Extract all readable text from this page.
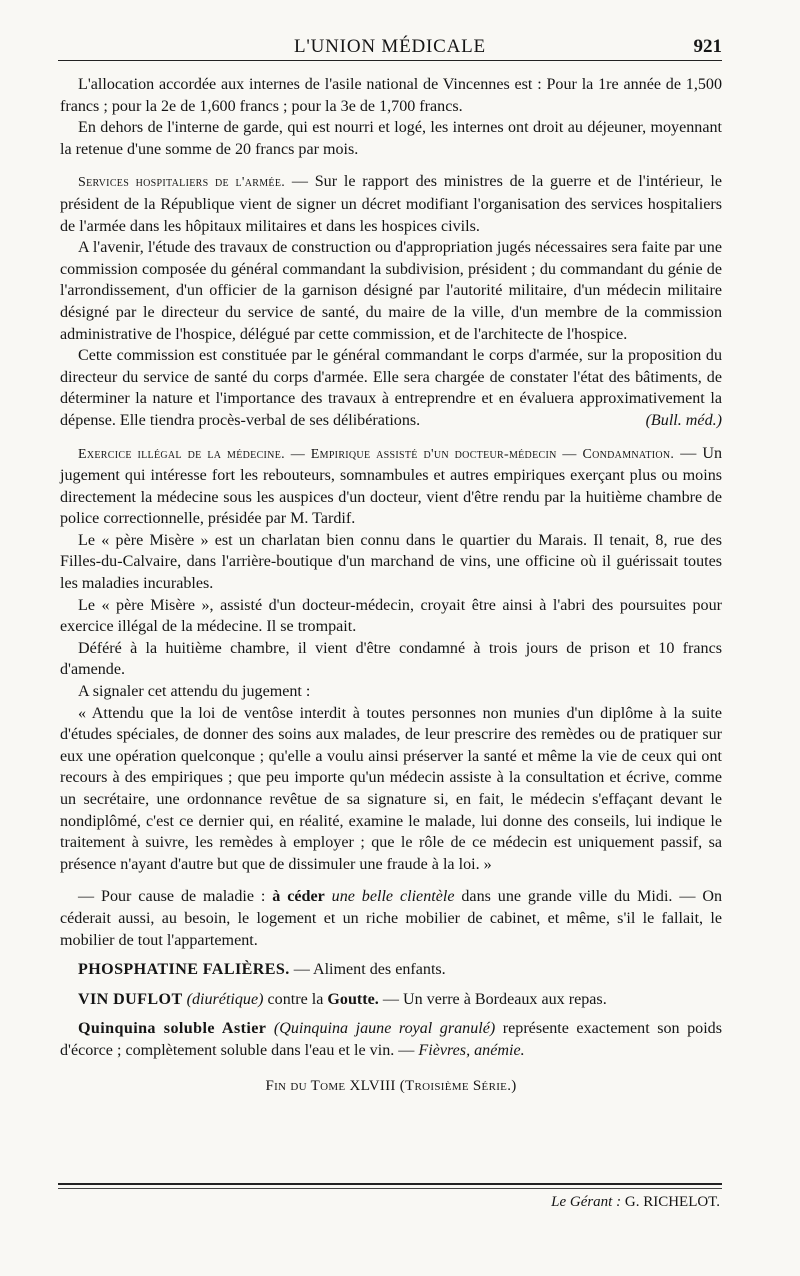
L'UNION MÉDICALE	921

L'allocation accordée aux internes de l'asile national de Vincennes est : Pour la 1re année de 1,500 francs ; pour la 2e de 1,600 francs ; pour la 3e de 1,700 francs.

En dehors de l'interne de garde, qui est nourri et logé, les internes ont droit au déjeuner, moyennant la retenue d'une somme de 20 francs par mois.

Services hospitaliers de l'armée. — Sur le rapport des ministres de la guerre et de l'intérieur, le président de la République vient de signer un décret modifiant l'organisation des services hospitaliers de l'armée dans les hôpitaux militaires et dans les hospices civils.

A l'avenir, l'étude des travaux de construction ou d'appropriation jugés nécessaires sera faite par une commission composée du général commandant la subdivision, président ; du commandant du génie de l'arrondissement, d'un officier de la garnison désigné par l'autorité militaire, d'un médecin militaire désigné par le directeur du service de santé, du maire de la ville, d'un membre de la commission administrative de l'hospice, délégué par cette commission, et de l'architecte de l'hospice.

Cette commission est constituée par le général commandant le corps d'armée, sur la proposition du directeur du service de santé du corps d'armée. Elle sera chargée de constater l'état des bâtiments, de déterminer la nature et l'importance des travaux à entreprendre et en évaluera approximativement la dépense. Elle tiendra procès-verbal de ses délibérations.	(Bull. méd.)

Exercice illégal de la médecine. — Empirique assisté d'un docteur-médecin — Condamnation. — Un jugement qui intéresse fort les rebouteurs, somnambules et autres empiriques exerçant plus ou moins directement la médecine sous les auspices d'un docteur, vient d'être rendu par la huitième chambre de police correctionnelle, présidée par M. Tardif.

Le « père Misère » est un charlatan bien connu dans le quartier du Marais. Il tenait, 8, rue des Filles-du-Calvaire, dans l'arrière-boutique d'un marchand de vins, une officine où il guérissait toutes les maladies incurables.

Le « père Misère », assisté d'un docteur-médecin, croyait être ainsi à l'abri des poursuites pour exercice illégal de la médecine. Il se trompait.

Déféré à la huitième chambre, il vient d'être condamné à trois jours de prison et 10 francs d'amende.

A signaler cet attendu du jugement :

« Attendu que la loi de ventôse interdit à toutes personnes non munies d'un diplôme à la suite d'études spéciales, de donner des soins aux malades, de leur prescrire des remèdes ou de pratiquer sur eux une opération quelconque ; qu'elle a voulu ainsi préserver la santé et même la vie de ceux qui ont recours à des empiriques ; que peu importe qu'un médecin assiste à la consultation et écrive, comme un secrétaire, une ordonnance revêtue de sa signature si, en fait, le médecin s'effaçant devant le nondiplômé, c'est ce dernier qui, en réalité, examine le malade, lui donne des conseils, lui indique le traitement à suivre, les remèdes à employer ; que le rôle de ce médecin est uniquement passif, sa présence n'ayant d'autre but que de dissimuler une fraude à la loi. »

— Pour cause de maladie : à céder une belle clientèle dans une grande ville du Midi. — On céderait aussi, au besoin, le logement et un riche mobilier de cabinet, et même, s'il le fallait, le mobilier de tout l'appartement.

PHOSPHATINE FALIÈRES. — Aliment des enfants.

VIN DUFLOT (diurétique) contre la Goutte. — Un verre à Bordeaux aux repas.

Quinquina soluble Astier (Quinquina jaune royal granulé) représente exactement son poids d'écorce ; complètement soluble dans l'eau et le vin. — Fièvres, anémie.

Fin du Tome XLVIII (Troisième Série.)

Le Gérant : G. RICHELOT.
